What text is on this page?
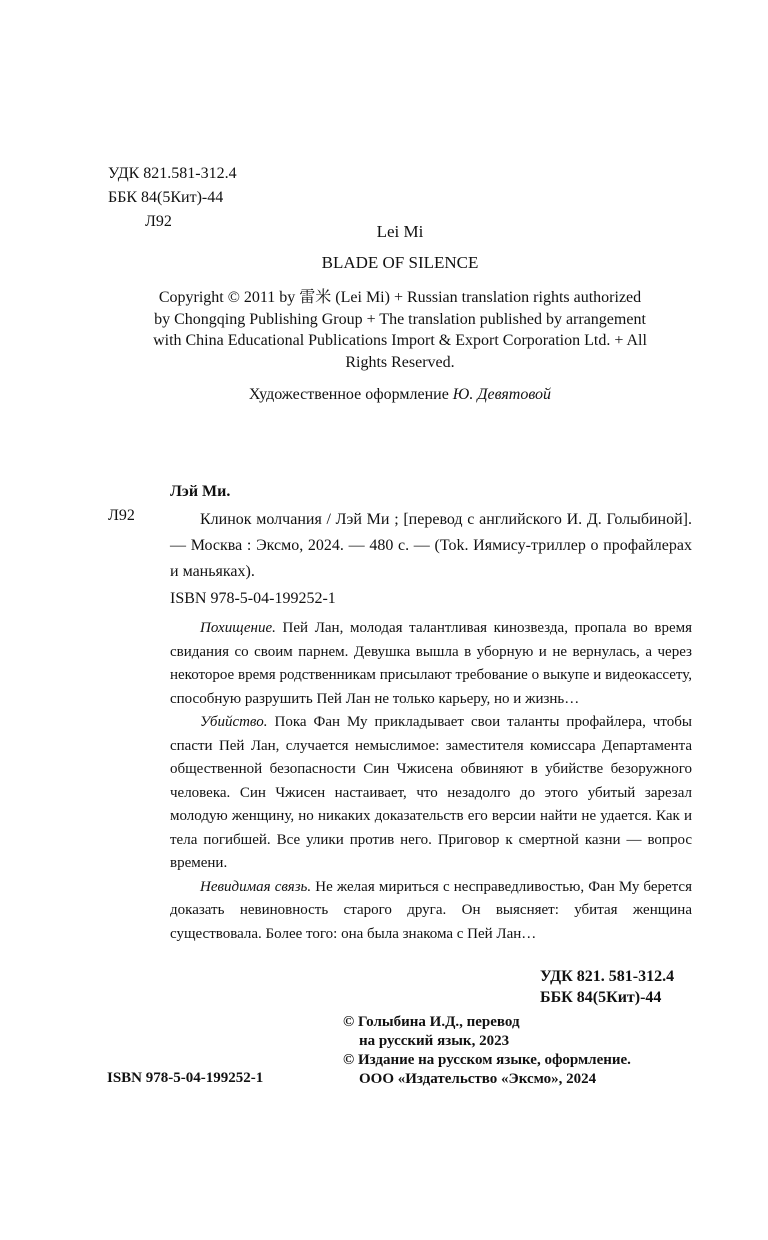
УДК 821.581-312.4
ББК 84(5Кит)-44
Л92
Lei Mi
BLADE OF SILENCE
Copyright © 2011 by 雷米 (Lei Mi) + Russian translation rights authorized by Chongqing Publishing Group + The translation published by arrangement with China Educational Publications Import & Export Corporation Ltd. + All Rights Reserved.
Художественное оформление Ю. Девятовой
Лэй Ми.
Л92	Клинок молчания / Лэй Ми ; [перевод с английского И. Д. Голыбиной]. — Москва : Эксмо, 2024. — 480 с. — (Tok. Иямису-триллер о профайлерах и маньяках).
ISBN 978-5-04-199252-1

Похищение. Пей Лан, молодая талантливая кинозвезда, пропала во время свидания со своим парнем. Девушка вышла в уборную и не вернулась, а через некоторое время родственникам присылают требование о выкупе и видеокассету, способную разрушить Пей Лан не только карьеру, но и жизнь…

Убийство. Пока Фан Му прикладывает свои таланты профайлера, чтобы спасти Пей Лан, случается немыслимое: заместителя комиссара Департамента общественной безопасности Син Чжисена обвиняют в убийстве безоружного человека. Син Чжисен настаивает, что незадолго до этого убитый зарезал молодую женщину, но никаких доказательств его версии найти не удается. Как и тела погибшей. Все улики против него. Приговор к смертной казни — вопрос времени.

Невидимая связь. Не желая мириться с несправедливостью, Фан Му берется доказать невиновность старого друга. Он выясняет: убитая женщина существовала. Более того: она была знакома с Пей Лан…

УДК 821. 581-312.4
ББК 84(5Кит)-44
© Голыбина И.Д., перевод
на русский язык, 2023
© Издание на русском языке, оформление.
ООО «Издательство «Эксмо», 2024
ISBN 978-5-04-199252-1
